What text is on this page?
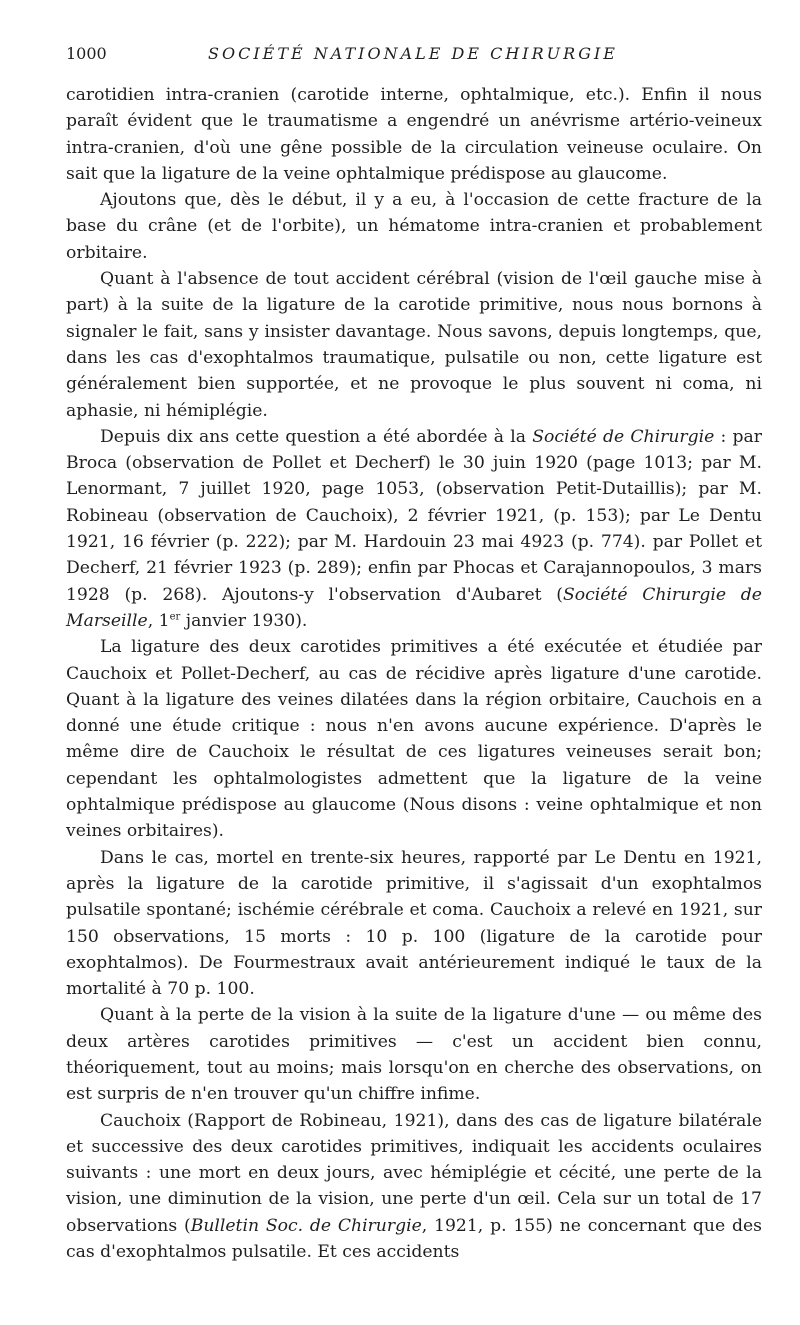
1000	SOCIÉTÉ NATIONALE DE CHIRURGIE

carotidien intra-cranien (carotide interne, ophtalmique, etc.). Enfin il nous paraît évident que le traumatisme a engendré un anévrisme artério-veineux intra-cranien, d'où une gêne possible de la circulation veineuse oculaire. On sait que la ligature de la veine ophtalmique prédispose au glaucome.

Ajoutons que, dès le début, il y a eu, à l'occasion de cette fracture de la base du crâne (et de l'orbite), un hématome intra-cranien et probablement orbitaire.

Quant à l'absence de tout accident cérébral (vision de l'œil gauche mise à part) à la suite de la ligature de la carotide primitive, nous nous bornons à signaler le fait, sans y insister davantage. Nous savons, depuis longtemps, que, dans les cas d'exophtalmos traumatique, pulsatile ou non, cette ligature est généralement bien supportée, et ne provoque le plus souvent ni coma, ni aphasie, ni hémiplégie.

Depuis dix ans cette question a été abordée à la Société de Chirurgie : par Broca (observation de Pollet et Decherf) le 30 juin 1920 (page 1013; par M. Lenormant, 7 juillet 1920, page 1053, (observation Petit-Dutaillis); par M. Robineau (observation de Cauchoix), 2 février 1921, (p. 153); par Le Dentu 1921, 16 février (p. 222); par M. Hardouin 23 mai 4923 (p. 774). par Pollet et Decherf, 21 février 1923 (p. 289); enfin par Phocas et Carajannopoulos, 3 mars 1928 (p. 268). Ajoutons-y l'observation d'Aubaret (Société Chirurgie de Marseille, 1er janvier 1930).

La ligature des deux carotides primitives a été exécutée et étudiée par Cauchoix et Pollet-Decherf, au cas de récidive après ligature d'une carotide. Quant à la ligature des veines dilatées dans la région orbitaire, Cauchois en a donné une étude critique : nous n'en avons aucune expérience. D'après le même dire de Cauchoix le résultat de ces ligatures veineuses serait bon; cependant les ophtalmologistes admettent que la ligature de la veine ophtalmique prédispose au glaucome (Nous disons : veine ophtalmique et non veines orbitaires).

Dans le cas, mortel en trente-six heures, rapporté par Le Dentu en 1921, après la ligature de la carotide primitive, il s'agissait d'un exophtalmos pulsatile spontané; ischémie cérébrale et coma. Cauchoix a relevé en 1921, sur 150 observations, 15 morts : 10 p. 100 (ligature de la carotide pour exophtalmos). De Fourmestraux avait antérieurement indiqué le taux de la mortalité à 70 p. 100.

Quant à la perte de la vision à la suite de la ligature d'une — ou même des deux artères carotides primitives — c'est un accident bien connu, théoriquement, tout au moins; mais lorsqu'on en cherche des observations, on est surpris de n'en trouver qu'un chiffre infime.

Cauchoix (Rapport de Robineau, 1921), dans des cas de ligature bilatérale et successive des deux carotides primitives, indiquait les accidents oculaires suivants : une mort en deux jours, avec hémiplégie et cécité, une perte de la vision, une diminution de la vision, une perte d'un œil. Cela sur un total de 17 observations (Bulletin Soc. de Chirurgie, 1921, p. 155) ne concernant que des cas d'exophtalmos pulsatile. Et ces accidents
